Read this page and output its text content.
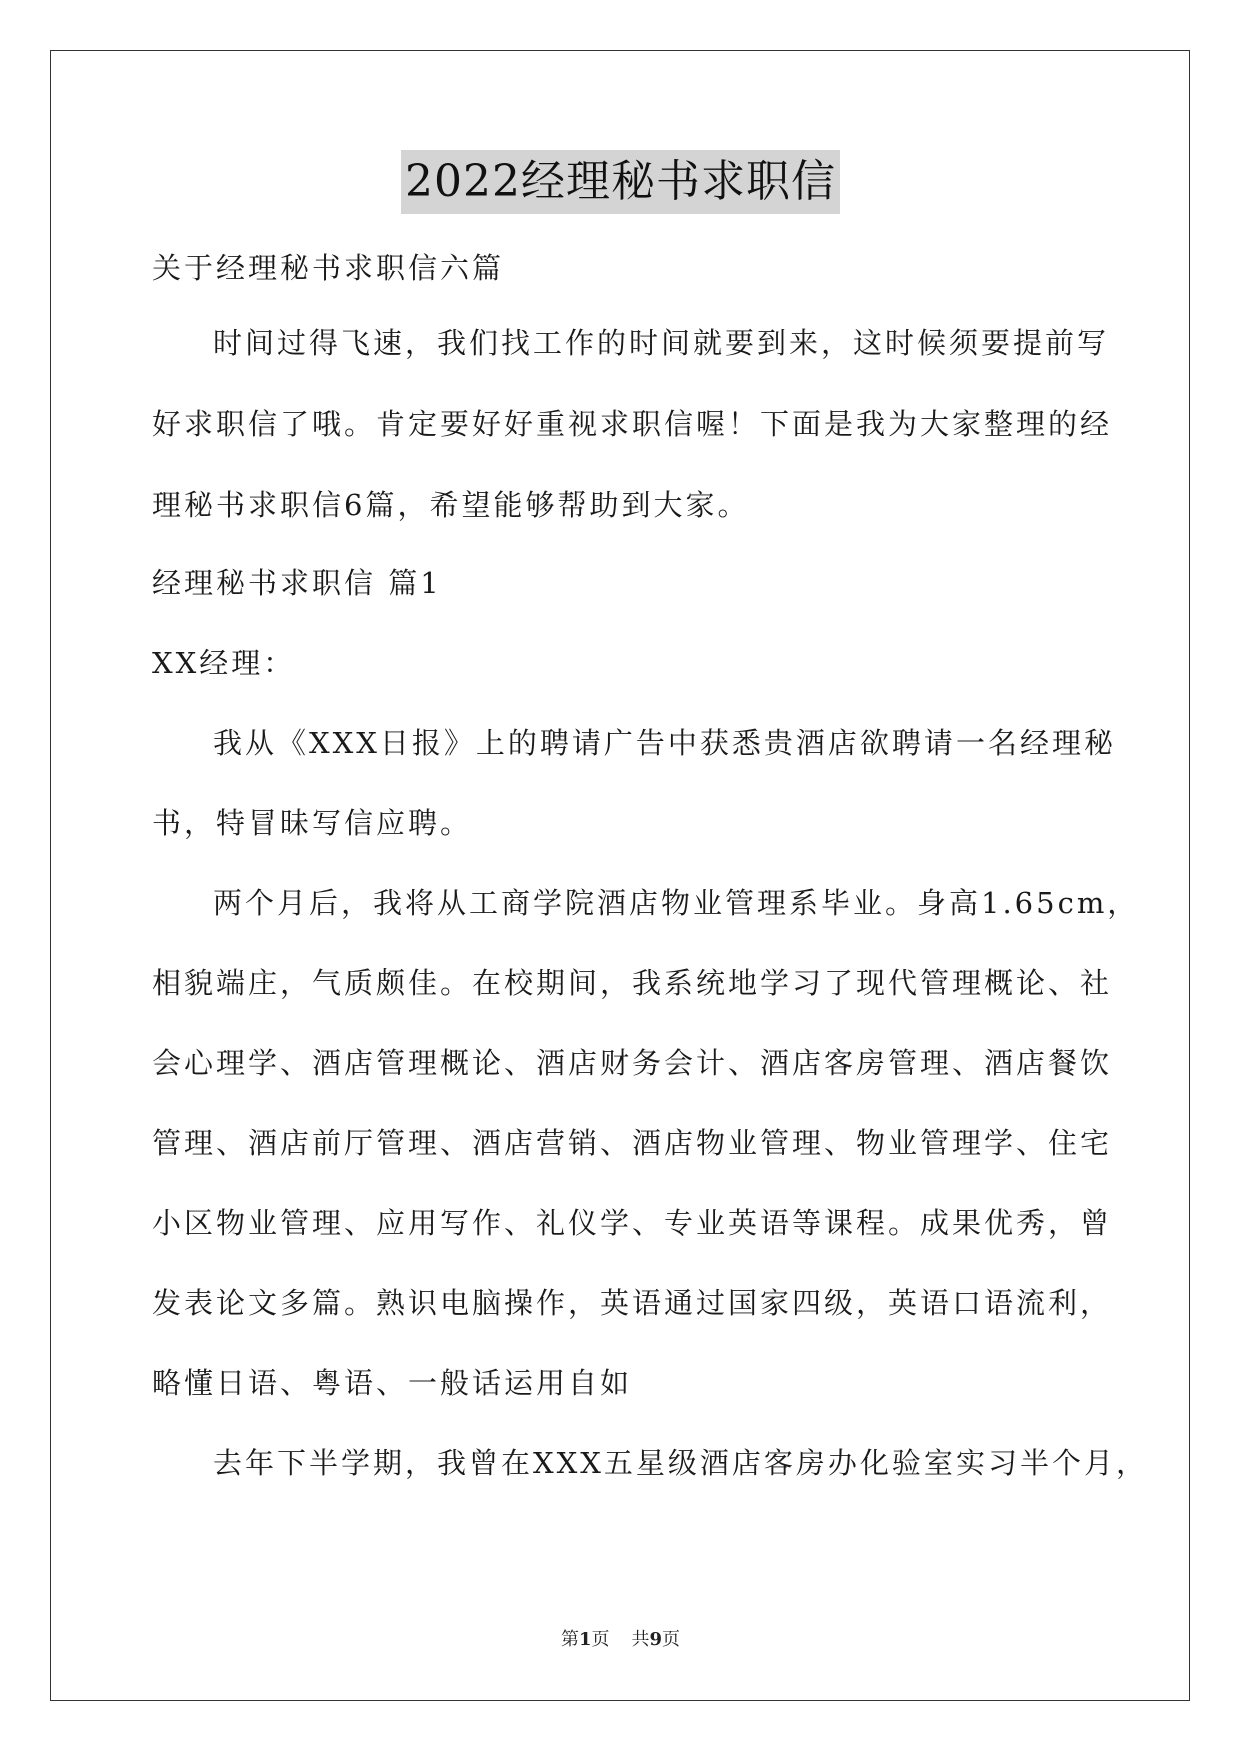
2022经理秘书求职信
关于经理秘书求职信六篇
时间过得飞速，我们找工作的时间就要到来，这时候须要提前写
好求职信了哦。肯定要好好重视求职信喔！下面是我为大家整理的经
理秘书求职信6篇，希望能够帮助到大家。
经理秘书求职信 篇1
XX经理：
我从《XXX日报》上的聘请广告中获悉贵酒店欲聘请一名经理秘
书，特冒昧写信应聘。
两个月后，我将从工商学院酒店物业管理系毕业。身高1.65cm，
相貌端庄，气质颇佳。在校期间，我系统地学习了现代管理概论、社
会心理学、酒店管理概论、酒店财务会计、酒店客房管理、酒店餐饮
管理、酒店前厅管理、酒店营销、酒店物业管理、物业管理学、住宅
小区物业管理、应用写作、礼仪学、专业英语等课程。成果优秀，曾
发表论文多篇。熟识电脑操作，英语通过国家四级，英语口语流利，
略懂日语、粤语、一般话运用自如
去年下半学期，我曾在XXX五星级酒店客房办化验室实习半个月，
第1页 共9页
